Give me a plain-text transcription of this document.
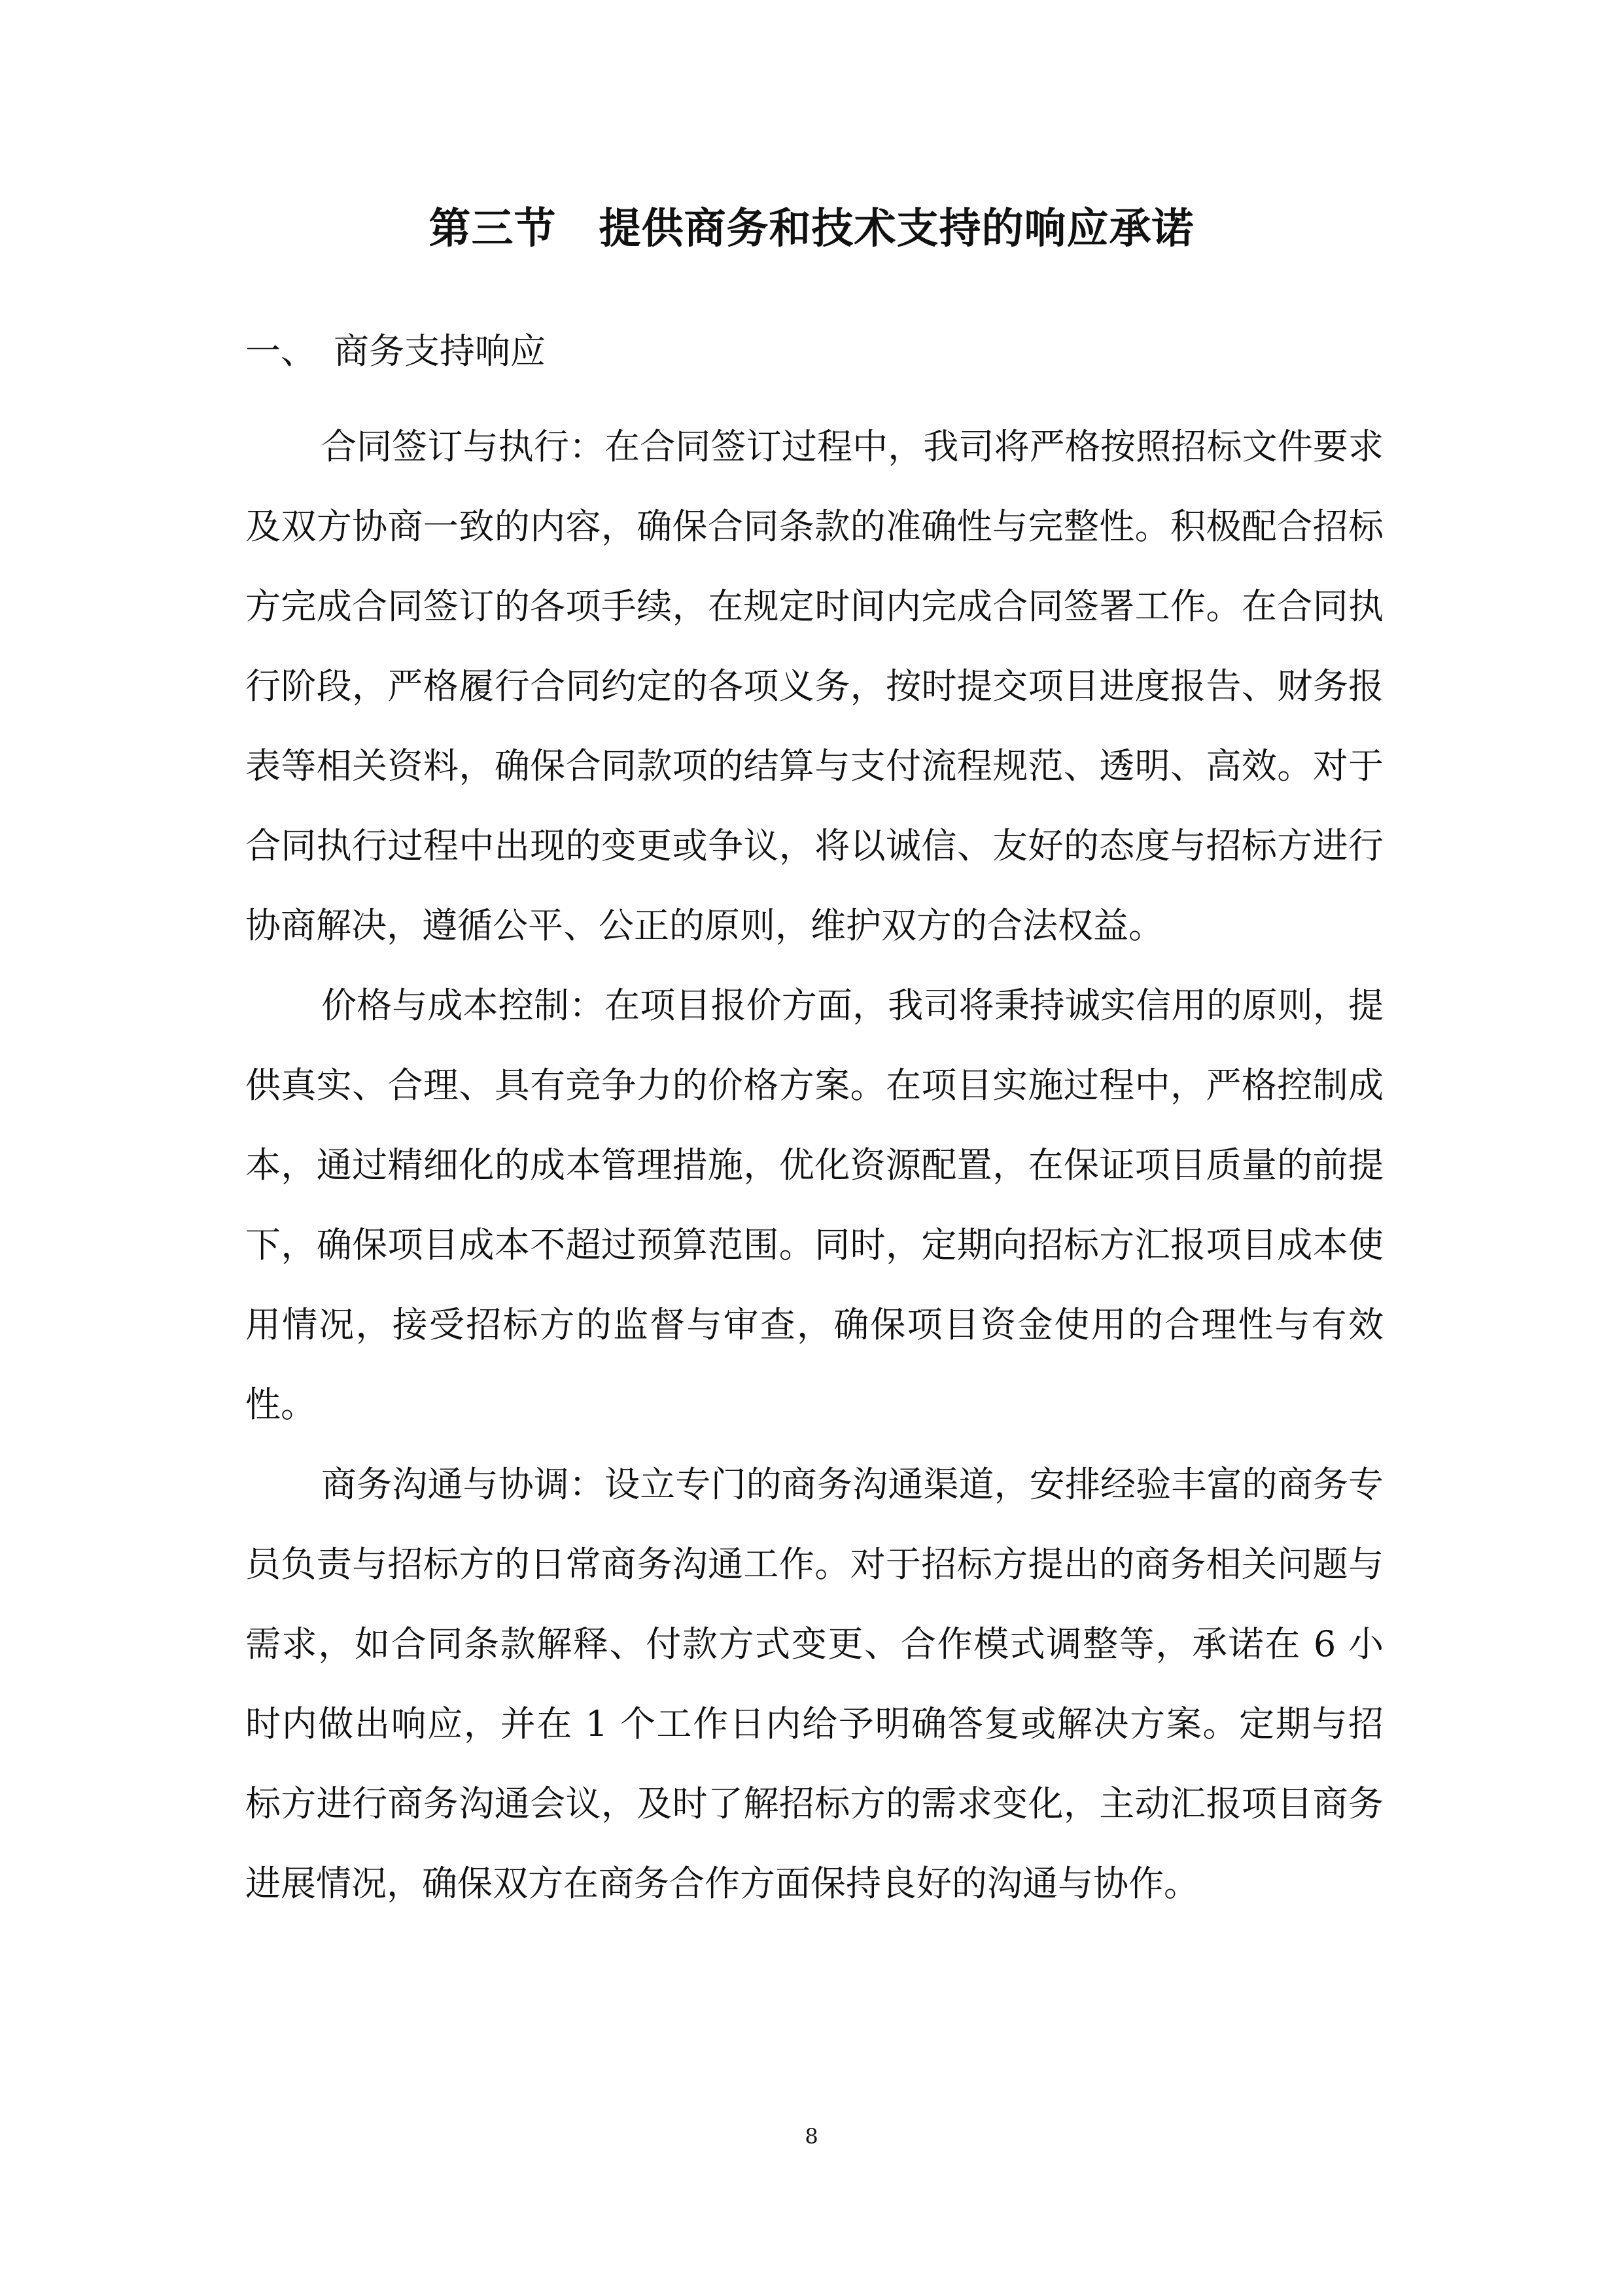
第三节　提供商务和技术支持的响应承诺
一、　商务支持响应

合同签订与执行：在合同签订过程中，我司将严格按照招标文件要求及双方协商一致的内容，确保合同条款的准确性与完整性。积极配合招标方完成合同签订的各项手续，在规定时间内完成合同签署工作。在合同执行阶段，严格履行合同约定的各项义务，按时提交项目进度报告、财务报表等相关资料，确保合同款项的结算与支付流程规范、透明、高效。对于合同执行过程中出现的变更或争议，将以诚信、友好的态度与招标方进行协商解决，遵循公平、公正的原则，维护双方的合法权益。

价格与成本控制：在项目报价方面，我司将秉持诚实信用的原则，提供真实、合理、具有竞争力的价格方案。在项目实施过程中，严格控制成本，通过精细化的成本管理措施，优化资源配置，在保证项目质量的前提下，确保项目成本不超过预算范围。同时，定期向招标方汇报项目成本使用情况，接受招标方的监督与审查，确保项目资金使用的合理性与有效性。

商务沟通与协调：设立专门的商务沟通渠道，安排经验丰富的商务专员负责与招标方的日常商务沟通工作。对于招标方提出的商务相关问题与需求，如合同条款解释、付款方式变更、合作模式调整等，承诺在 6 小时内做出响应，并在 1 个工作日内给予明确答复或解决方案。定期与招标方进行商务沟通会议，及时了解招标方的需求变化，主动汇报项目商务进展情况，确保双方在商务合作方面保持良好的沟通与协作。

8
